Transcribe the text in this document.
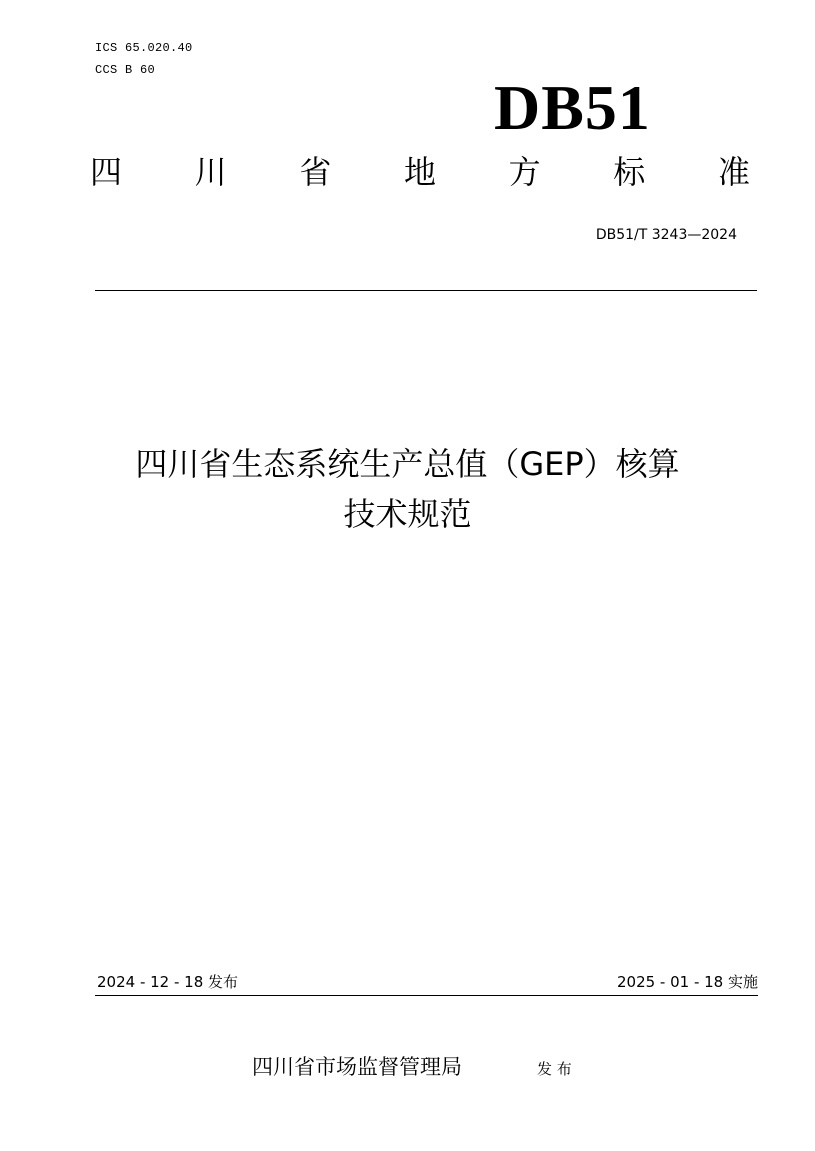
ICS 65.020.40
CCS B 60
DB51
四 川 省 地 方 标 准
DB51/T 3243—2024
四川省生态系统生产总值（GEP）核算
技术规范
2024 - 12 - 18 发布	2025 - 01 - 18 实施
四川省市场监督管理局	发 布
